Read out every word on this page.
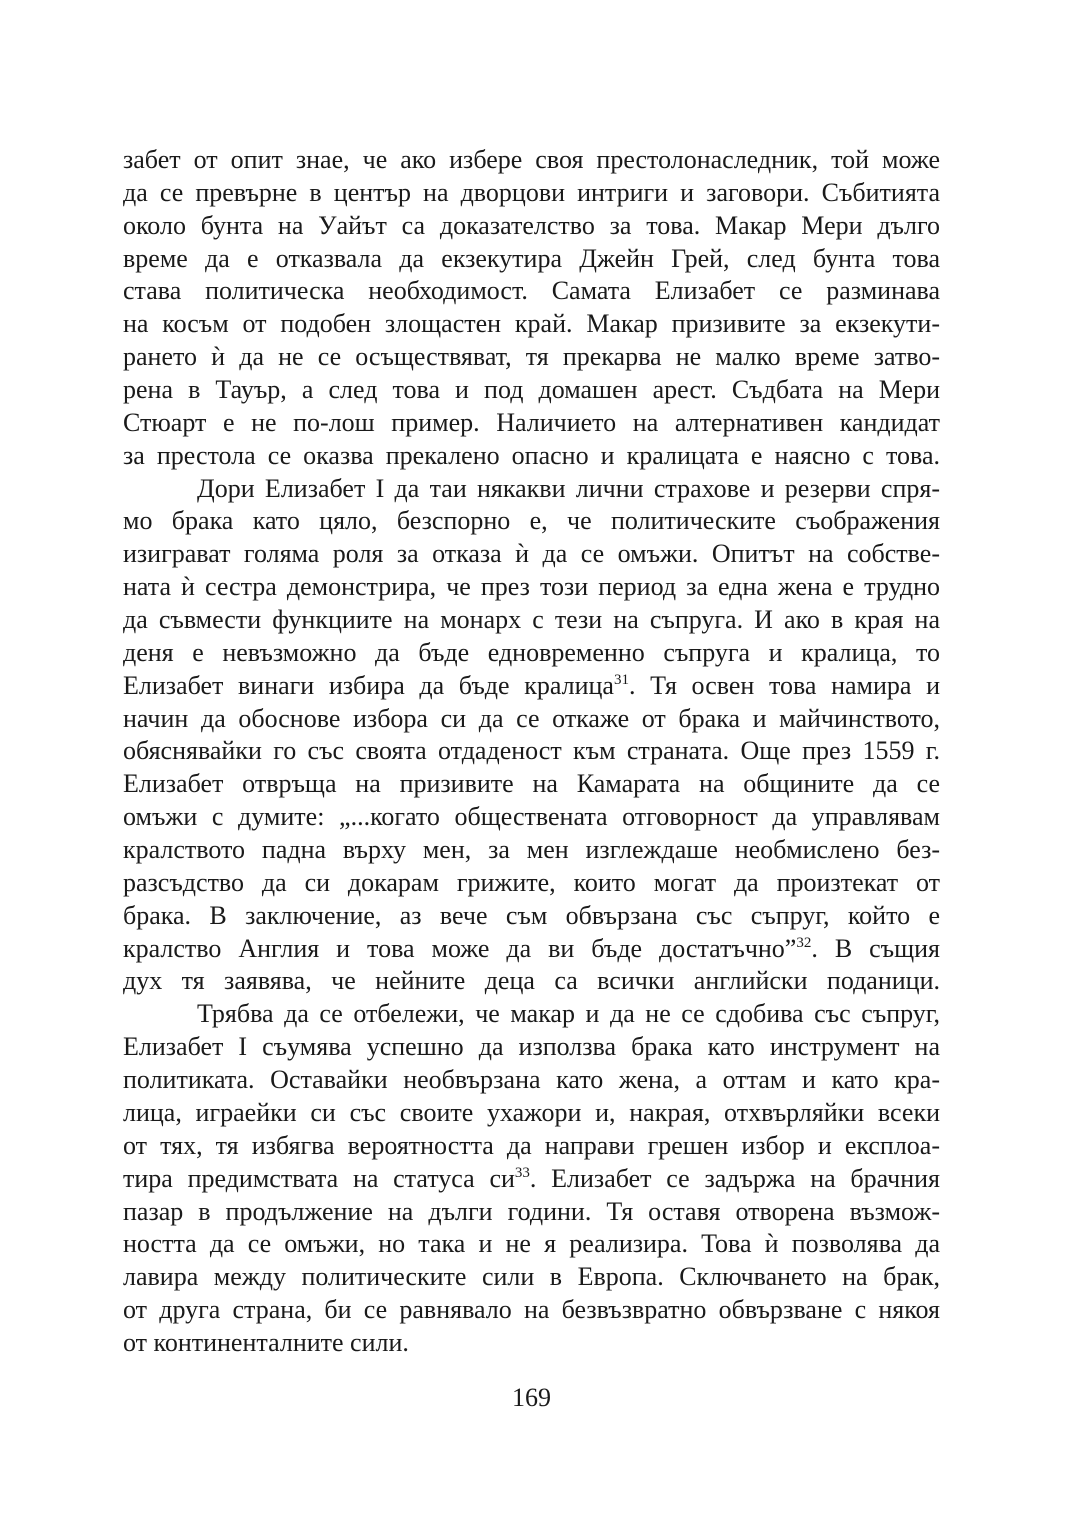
забет от опит знае, че ако избере своя престолонаследник, той може
да се превърне в център на дворцови интриги и заговори. Събитията
около бунта на Уайът са доказателство за това. Макар Мери дълго
време да е отказвала да екзекутира Джейн Грей, след бунта това
става политическа необходимост. Самата Елизабет се разминава
на косъм от подобен злощастен край. Макар призивите за екзекути-
рането ѝ да не се осъществяват, тя прекарва не малко време затво-
рена в Тауър, а след това и под домашен арест. Съдбата на Мери
Стюарт е не по-лош пример. Наличието на алтернативен кандидат
за престола се оказва прекалено опасно и кралицата е наясно с това.
Дори Елизабет I да таи някакви лични страхове и резерви спря-
мо брака като цяло, безспорно е, че политическите съображения
изиграват голяма роля за отказа ѝ да се омъжи. Опитът на собстве-
ната ѝ сестра демонстрира, че през този период за една жена е трудно
да съвмести функциите на монарх с тези на съпруга. И ако в края на
деня е невъзможно да бъде едновременно съпруга и кралица, то
Елизабет винаги избира да бъде кралица$^{31}$. Тя освен това намира и
начин да обоснове избора си да се откаже от брака и майчинството,
обяснявайки го със своята отдаденост към страната. Още през 1559 г.
Елизабет отвръща на призивите на Камарата на общините да се
омъжи с думите: „...когато обществената отговорност да управлявам
кралството падна върху мен, за мен изглеждаше необмислено без-
разсъдство да си докарам грижите, които могат да произтекат от
брака. В заключение, аз вече съм обвързана със съпруг, който е
кралство Англия и това може да ви бъде достатъчно”$^{32}$. В същия
дух тя заявява, че нейните деца са всички английски поданици.
Трябва да се отбележи, че макар и да не се сдобива със съпруг,
Елизабет I съумява успешно да използва брака като инструмент на
политиката. Оставайки необвързана като жена, а оттам и като кра-
лица, играейки си със своите ухажори и, накрая, отхвърляйки всеки
от тях, тя избягва вероятността да направи грешен избор и експлоа-
тира предимствата на статуса $си^{33}$. Елизабет се задържа на брачния
пазар в продължение на дълги години. Тя оставя отворена възмож-
ността да се омъжи, но така и не я реализира. Това ѝ позволява да
лавира между политическите сили в Европа. Сключването на брак,
от друга страна, би се равнявало на безвъзвратно обвързване с някоя
от континенталните сили.
169
